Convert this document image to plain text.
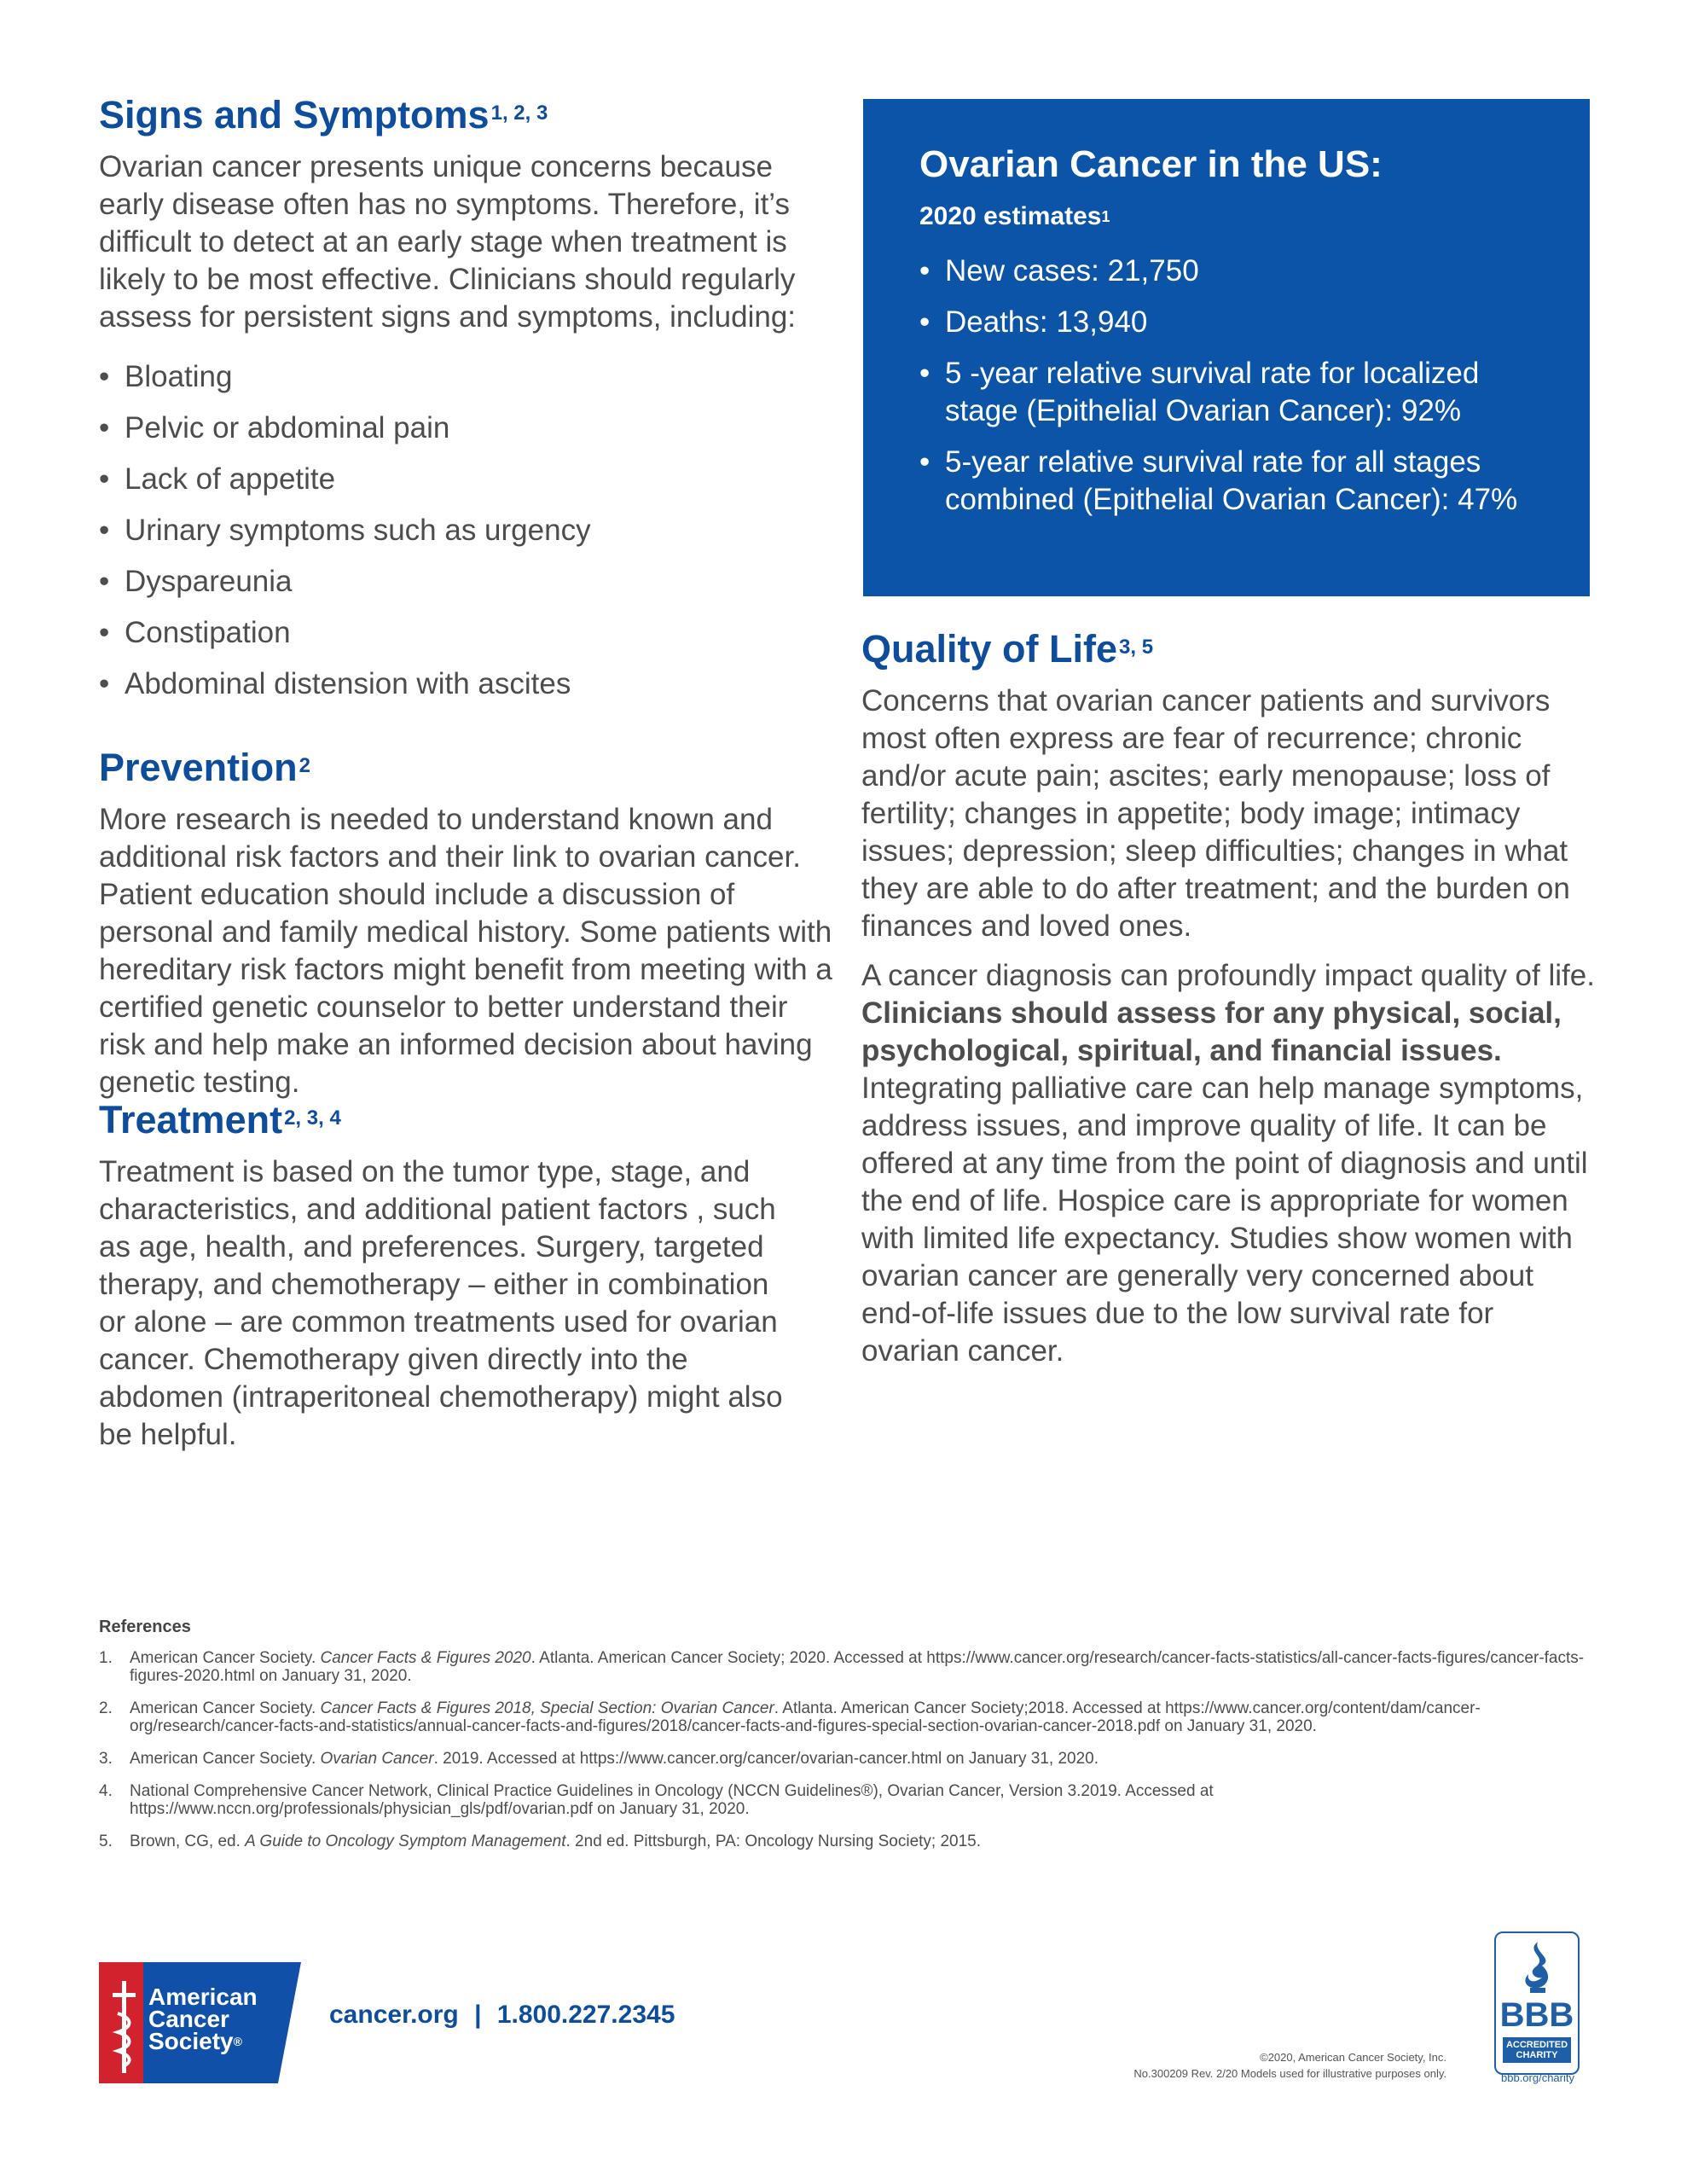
Signs and Symptoms$^{1, 2, 3}$

Ovarian cancer presents unique concerns because early disease often has no symptoms. Therefore, it’s difficult to detect at an early stage when treatment is likely to be most effective. Clinicians should regularly assess for persistent signs and symptoms, including:

• Bloating
• Pelvic or abdominal pain
• Lack of appetite
• Urinary symptoms such as urgency
• Dyspareunia
• Constipation
• Abdominal distension with ascites
Prevention$^2$

More research is needed to understand known and additional risk factors and their link to ovarian cancer. Patient education should include a discussion of personal and family medical history. Some patients with hereditary risk factors might benefit from meeting with a certified genetic counselor to better understand their risk and help make an informed decision about having genetic testing.

Treatment$^{2, 3, 4}$

Treatment is based on the tumor type, stage, and characteristics, and additional patient factors , such as age, health, and preferences. Surgery, targeted therapy, and chemotherapy – either in combination or alone – are common treatments used for ovarian cancer. Chemotherapy given directly into the abdomen (intraperitoneal chemotherapy) might also be helpful.

Ovarian Cancer in the US:
2020 estimates$^1$
• New cases: 21,750
• Deaths: 13,940
• 5 -year relative survival rate for localized stage (Epithelial Ovarian Cancer): 92%
• 5-year relative survival rate for all stages combined (Epithelial Ovarian Cancer): 47%
Quality of Life$^{3, 5}$

Concerns that ovarian cancer patients and survivors most often express are fear of recurrence; chronic and/or acute pain; ascites; early menopause; loss of fertility; changes in appetite; body image; intimacy issues; depression; sleep difficulties; changes in what they are able to do after treatment; and the burden on finances and loved ones.

A cancer diagnosis can profoundly impact quality of life. Clinicians should assess for any physical, social, psychological, spiritual, and financial issues. Integrating palliative care can help manage symptoms, address issues, and improve quality of life. It can be offered at any time from the point of diagnosis and until the end of life. Hospice care is appropriate for women with limited life expectancy. Studies show women with ovarian cancer are generally very concerned about end-of-life issues due to the low survival rate for ovarian cancer.

References
1. American Cancer Society. Cancer Facts & Figures 2020. Atlanta. American Cancer Society; 2020. Accessed at https://www.cancer.org/research/cancer-facts-statistics/all-cancer-facts-figures/cancer-facts-figures-2020.html on January 31, 2020.
2. American Cancer Society. Cancer Facts & Figures 2018, Special Section: Ovarian Cancer. Atlanta. American Cancer Society;2018. Accessed at https://www.cancer.org/content/dam/cancer-org/research/cancer-facts-and-statistics/annual-cancer-facts-and-figures/2018/cancer-facts-and-figures-special-section-ovarian-cancer-2018.pdf on January 31, 2020.
3. American Cancer Society. Ovarian Cancer. 2019. Accessed at https://www.cancer.org/cancer/ovarian-cancer.html on January 31, 2020.
4. National Comprehensive Cancer Network, Clinical Practice Guidelines in Oncology (NCCN Guidelines®), Ovarian Cancer, Version 3.2019. Accessed at https://www.nccn.org/professionals/physician_gls/pdf/ovarian.pdf on January 31, 2020.
5. Brown, CG, ed. A Guide to Oncology Symptom Management. 2nd ed. Pittsburgh, PA: Oncology Nursing Society; 2015.
American
Cancer
Society®
cancer.org | 1.800.227.2345
©2020, American Cancer Society, Inc.
No.300209 Rev. 2/20 Models used for illustrative purposes only.
BBB
ACCREDITED
CHARITY
bbb.org/charity
